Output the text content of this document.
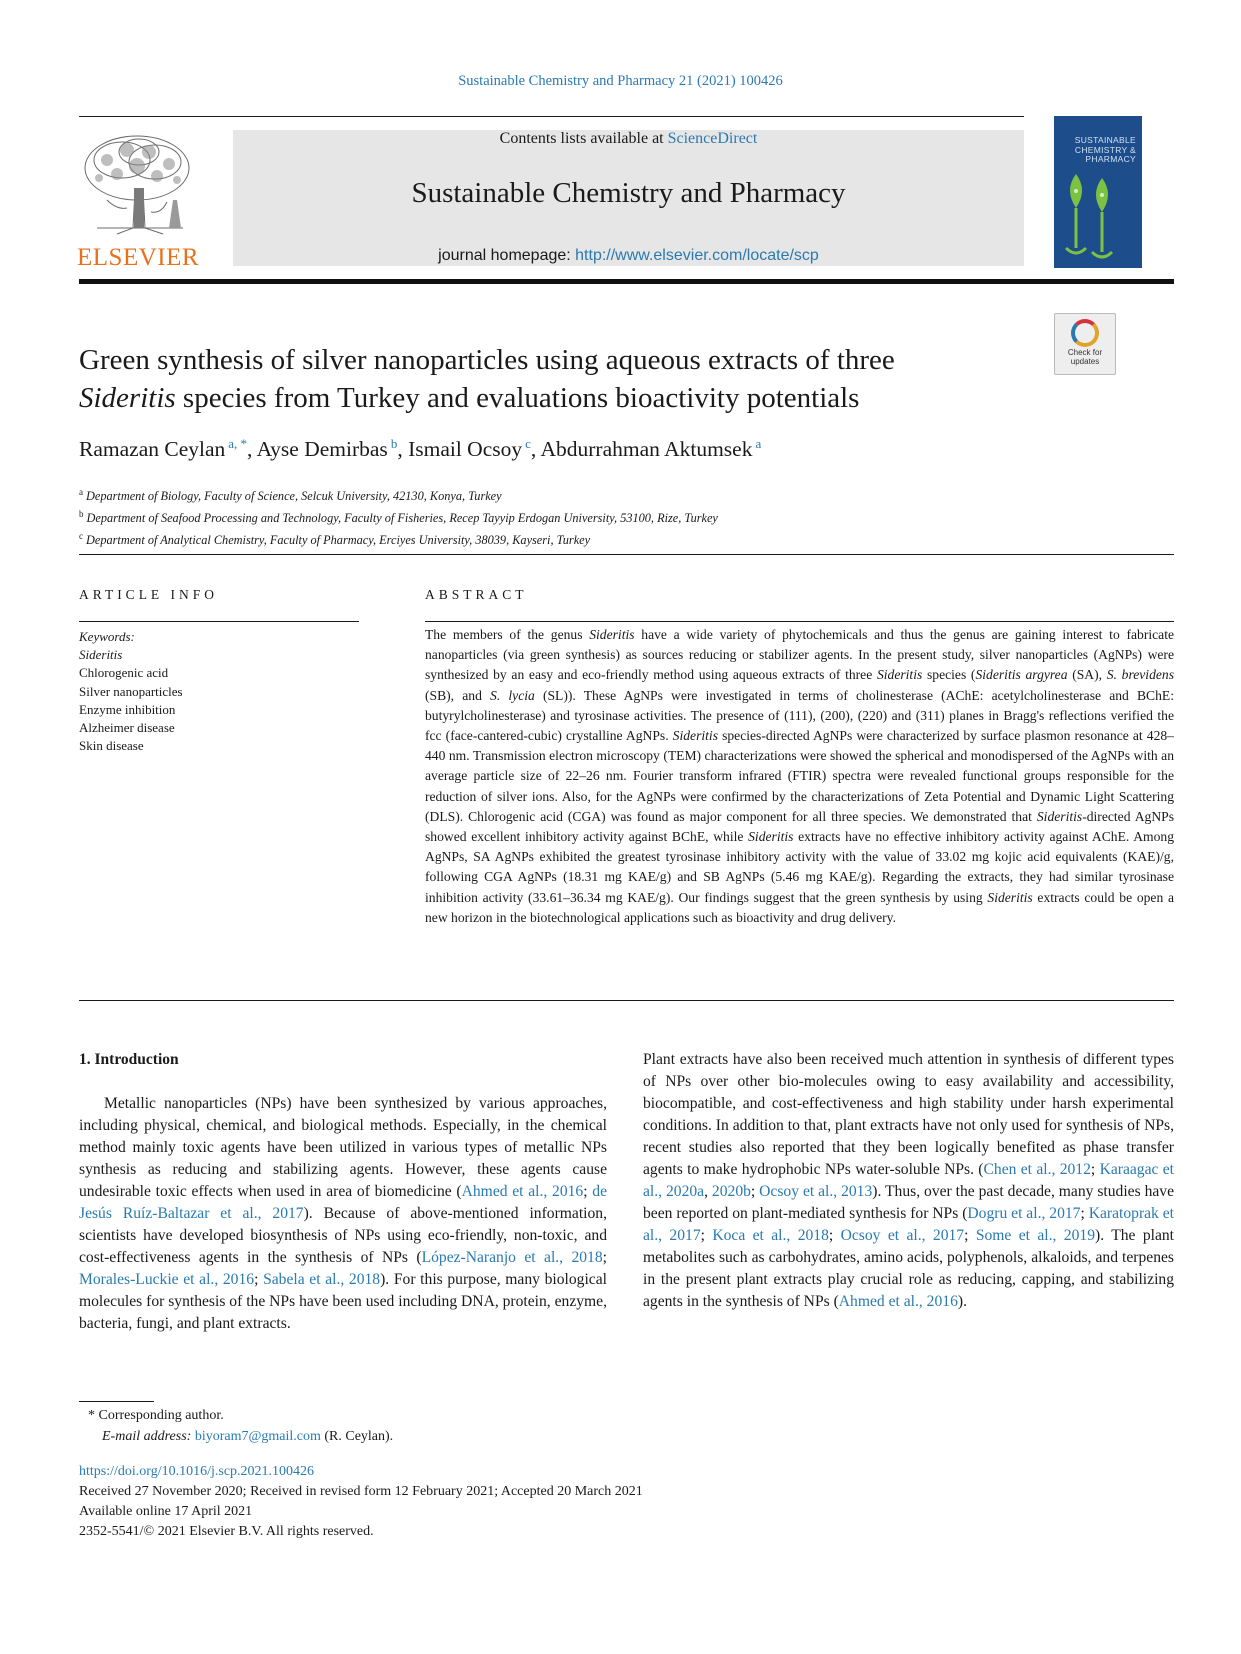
Sustainable Chemistry and Pharmacy 21 (2021) 100426
ELSEVIER
Contents lists available at ScienceDirect
Sustainable Chemistry and Pharmacy
journal homepage: http://www.elsevier.com/locate/scp
SUSTAINABLE CHEMISTRY & PHARMACY
Check for updates
Green synthesis of silver nanoparticles using aqueous extracts of three
Sideritis species from Turkey and evaluations bioactivity potentials
Ramazan Ceylan $^{a, *}$, Ayse Demirbas $^b$, Ismail Ocsoy $^c$, Abdurrahman Aktumsek $^a$
$^a$ Department of Biology, Faculty of Science, Selcuk University, 42130, Konya, Turkey
$^b$ Department of Seafood Processing and Technology, Faculty of Fisheries, Recep Tayyip Erdogan University, 53100, Rize, Turkey
$^c$ Department of Analytical Chemistry, Faculty of Pharmacy, Erciyes University, 38039, Kayseri, Turkey
ARTICLE INFO
Keywords:
Sideritis
Chlorogenic acid
Silver nanoparticles
Enzyme inhibition
Alzheimer disease
Skin disease
ABSTRACT
The members of the genus Sideritis have a wide variety of phytochemicals and thus the genus are gaining interest to fabricate nanoparticles (via green synthesis) as sources reducing or stabilizer agents. In the present study, silver nanoparticles (AgNPs) were synthesized by an easy and eco-friendly method using aqueous extracts of three Sideritis species (Sideritis argyrea (SA), S. brevidens (SB), and S. lycia (SL)). These AgNPs were investigated in terms of cholinesterase (AChE: acetylcholinesterase and BChE: butyrylcholinesterase) and tyrosinase activities. The presence of (111), (200), (220) and (311) planes in Bragg's reflections verified the fcc (face-cantered-cubic) crystalline AgNPs. Sideritis species-directed AgNPs were characterized by surface plasmon resonance at 428–440 nm. Transmission electron microscopy (TEM) characterizations were showed the spherical and monodispersed of the AgNPs with an average particle size of 22–26 nm. Fourier transform infrared (FTIR) spectra were revealed functional groups responsible for the reduction of silver ions. Also, for the AgNPs were confirmed by the characterizations of Zeta Potential and Dynamic Light Scattering (DLS). Chlorogenic acid (CGA) was found as major component for all three species. We demonstrated that Sideritis-directed AgNPs showed excellent inhibitory activity against BChE, while Sideritis extracts have no effective inhibitory activity against AChE. Among AgNPs, SA AgNPs exhibited the greatest tyrosinase inhibitory activity with the value of 33.02 mg kojic acid equivalents (KAE)/g, following CGA AgNPs (18.31 mg KAE/g) and SB AgNPs (5.46 mg KAE/g). Regarding the extracts, they had similar tyrosinase inhibition activity (33.61–36.34 mg KAE/g). Our findings suggest that the green synthesis by using Sideritis extracts could be open a new horizon in the biotechnological applications such as bioactivity and drug delivery.
1. Introduction
Metallic nanoparticles (NPs) have been synthesized by various approaches, including physical, chemical, and biological methods. Especially, in the chemical method mainly toxic agents have been utilized in various types of metallic NPs synthesis as reducing and stabilizing agents. However, these agents cause undesirable toxic effects when used in area of biomedicine (Ahmed et al., 2016; de Jesús Ruíz-Baltazar et al., 2017). Because of above-mentioned information, scientists have developed biosynthesis of NPs using eco-friendly, non-toxic, and cost-effectiveness agents in the synthesis of NPs (López-Naranjo et al., 2018; Morales-Luckie et al., 2016; Sabela et al., 2018). For this purpose, many biological molecules for synthesis of the NPs have been used including DNA, protein, enzyme, bacteria, fungi, and plant extracts.
Plant extracts have also been received much attention in synthesis of different types of NPs over other bio-molecules owing to easy availability and accessibility, biocompatible, and cost-effectiveness and high stability under harsh experimental conditions. In addition to that, plant extracts have not only used for synthesis of NPs, recent studies also reported that they been logically benefited as phase transfer agents to make hydrophobic NPs water-soluble NPs. (Chen et al., 2012; Karaagac et al., 2020a, 2020b; Ocsoy et al., 2013). Thus, over the past decade, many studies have been reported on plant-mediated synthesis for NPs (Dogru et al., 2017; Karatoprak et al., 2017; Koca et al., 2018; Ocsoy et al., 2017; Some et al., 2019). The plant metabolites such as carbohydrates, amino acids, polyphenols, alkaloids, and terpenes in the present plant extracts play crucial role as reducing, capping, and stabilizing agents in the synthesis of NPs (Ahmed et al., 2016).
* Corresponding author.
E-mail address: biyoram7@gmail.com (R. Ceylan).
https://doi.org/10.1016/j.scp.2021.100426
Received 27 November 2020; Received in revised form 12 February 2021; Accepted 20 March 2021
Available online 17 April 2021
2352-5541/© 2021 Elsevier B.V. All rights reserved.
